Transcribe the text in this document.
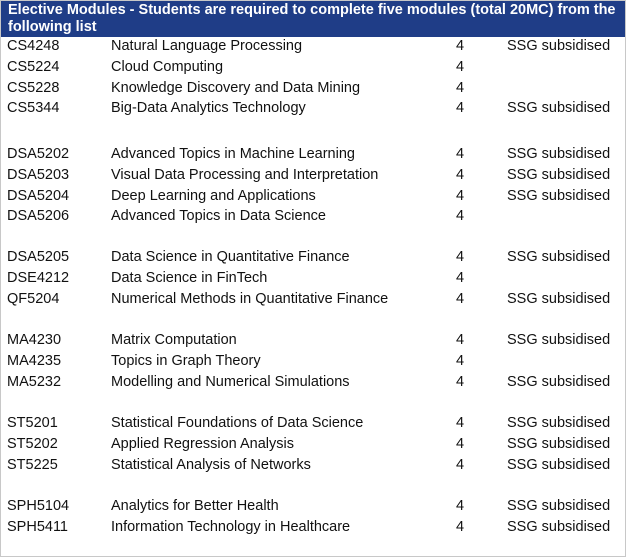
Elective Modules - Students are required to complete five modules (total 20MC) from the following list
CS4248	Natural Language Processing	4	SSG subsidised
CS5224	Cloud Computing	4
CS5228	Knowledge Discovery and Data Mining	4
CS5344	Big-Data Analytics Technology	4	SSG subsidised
DSA5202	Advanced Topics in Machine Learning	4	SSG subsidised
DSA5203	Visual Data Processing and Interpretation	4	SSG subsidised
DSA5204	Deep Learning and Applications	4	SSG subsidised
DSA5206	Advanced Topics in Data Science	4
DSA5205	Data Science in Quantitative Finance	4	SSG subsidised
DSE4212	Data Science in FinTech	4
QF5204	Numerical Methods in Quantitative Finance	4	SSG subsidised
MA4230	Matrix Computation	4	SSG subsidised
MA4235	Topics in Graph Theory	4
MA5232	Modelling and Numerical Simulations	4	SSG subsidised
ST5201	Statistical Foundations of Data Science	4	SSG subsidised
ST5202	Applied Regression Analysis	4	SSG subsidised
ST5225	Statistical Analysis of Networks	4	SSG subsidised
SPH5104	Analytics for Better Health	4	SSG subsidised
SPH5411	Information Technology in Healthcare	4	SSG subsidised
